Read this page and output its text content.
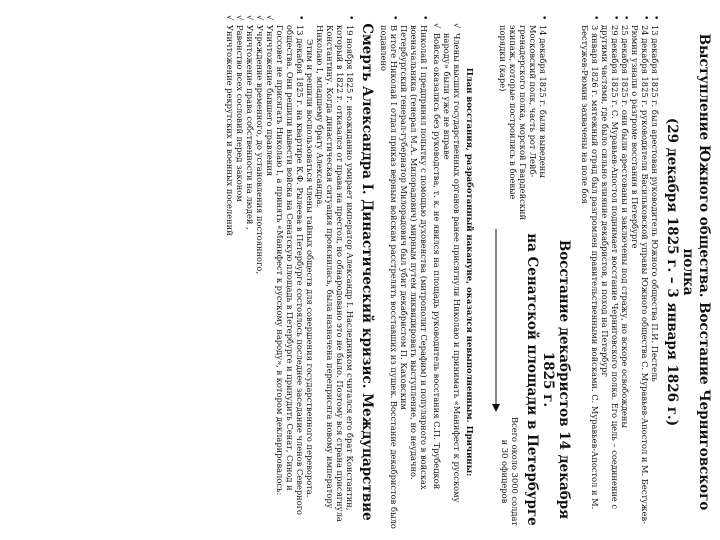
Выступление Южного общества. Восстание Черниговского полка
(29 декабря 1825 г. – 3 января 1826 г.)
• 13 декабря 1825 г. был арестован руководитель Южного общества П.И. Пестель
• 24 декабря 1825 г. руководители Васильковской управы Южного общества С. Муравьев-Апостол и М. Бестужев-Рюмин узнали о разгроме восстания в Петербурге
• 25 декабря 1825 г. они были арестованы и заключены под стражу, но вскоре освобождены
• 29 декабря 1825 г. С. Муравьев-Апостол поднимает восстание Черниговского полка. Его цель – соединение с другими частями, где было сильно влияние декабристов, и поход на Петербург
• 3 января 1826 г. мятежный отряд был разгромлен правительственными войсками. С. Муравьев-Апостол и М. Бестужев-Рюмин захвачены на поле боя
• 14 декабря 1825 г. были выведены Московский полк, часть рот Лейб-гренадерского полка, морской Гвардейский экипаж, которые построились в боевые порядки (каре)
Восстание декабристов 14 декабря 1825 г.
на Сенатской площади в Петербурге
Всего около 3000 солдат
и 30 офицеров
План восстания, разработанный накануне, оказался невыполненным. Причины:
√ Члены высших государственных органов ранее присягнули Николаю и принимать «Манифест к русскому народу» были уже не вправе
√ Войска оказались без руководства, т. к. не явился на площадь руководитель восстания С.П. Трубецкой
• Николай I предпринял попытку с помощью духовенства (митрополит Серафим) и популярного в войсках военачальника (генерал М.А. Милорадович) мирным путем ликвидировать выступление, но неудачно. Петербургский генерал-губернатор Милорадович был убит декабристом П. Каховским
• В итоге Николай I отдал приказ верным войскам расстрелять восставших из пушек. Восстание декабристов было подавлено
Смерть Александра I. Династический кризис. Междуцарствие
• 19 ноября 1825 г. неожиданно умирает император Александр I. Наследником считался его брат Константин, который в 1822 г. отказался от права на престол, но обнародовано это не было. Поэтому вся страна присягнула Константину. Когда династическая ситуация прояснилась, была назначена переприсяга новому императору Николаю I, младшему брату Александра.
Этим и решили воспользоваться члены тайных обществ для совершения государственного переворота.
• 13 декабря 1825 г. на квартире К.Ф. Рылеева в Петербурге состоялось последнее заседание членов Северного общества. Они решили вывести войска на Сенатскую площадь в Петербурге и принудить Сенат, Синод и Госсовет не присягать Николаю I, а принять «Манифест к русскому народу», в котором декларировалось:
√ Уничтожение бывшего правления
√ Учреждение временного, до установления постоянного,
√ Уничтожение права собственности на людей ,
√ Равенство всех сословий перед законом
√ Уничтожение рекрутских и военных поселений
